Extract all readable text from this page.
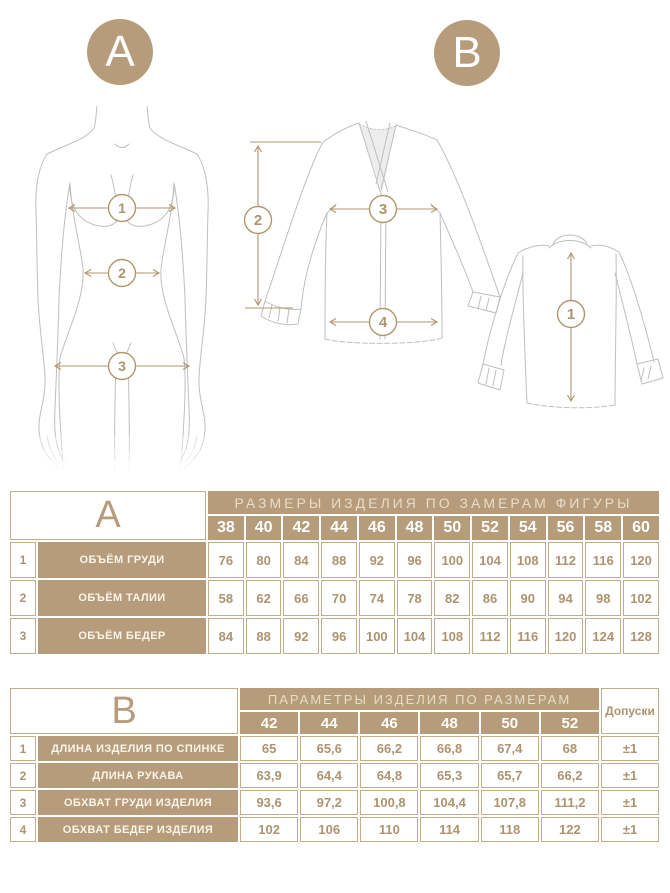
A	B
1
2
3
2
3
4	1
A		РАЗМЕРЫ ИЗДЕЛИЯ ПО ЗАМЕРАМ ФИГУРЫ											
		38	40	42	44	46	48	50	52	54	56	58	60
1	ОБЪЁМ ГРУДИ	76	80	84	88	92	96	100	104	108	112	116	120
2	ОБЪЁМ ТАЛИИ	58	62	66	70	74	78	82	86	90	94	98	102
3	ОБЪЁМ БЕДЕР	84	88	92	96	100	104	108	112	116	120	124	128
B		ПАРАМЕТРЫ ИЗДЕЛИЯ ПО РАЗМЕРАМ						Допуски
		42	44	46	48	50	52	
1	ДЛИНА ИЗДЕЛИЯ ПО СПИНКЕ	65	65,6	66,2	66,8	67,4	68	±1
2	ДЛИНА РУКАВА	63,9	64,4	64,8	65,3	65,7	66,2	±1
3	ОБХВАТ ГРУДИ ИЗДЕЛИЯ	93,6	97,2	100,8	104,4	107,8	111,2	±1
4	ОБХВАТ БЕДЕР ИЗДЕЛИЯ	102	106	110	114	118	122	±1
